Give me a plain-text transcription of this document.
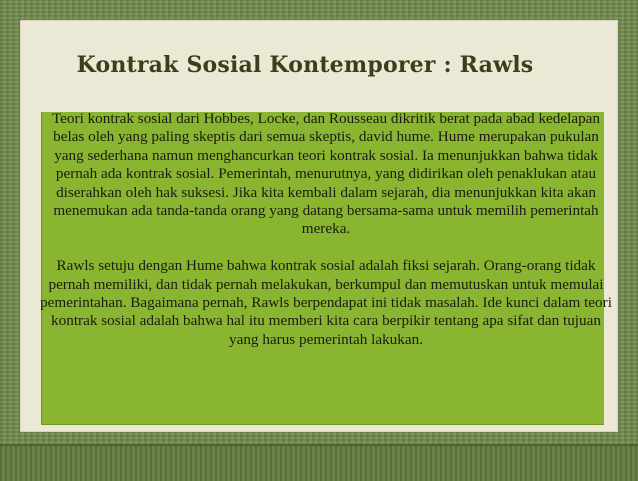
Kontrak Sosial Kontemporer : Rawls

Teori kontrak sosial dari Hobbes, Locke, dan Rousseau dikritik berat pada abad kedelapan belas oleh yang paling skeptis dari semua skeptis, david hume. Hume merupakan pukulan yang sederhana namun menghancurkan teori kontrak sosial. Ia menunjukkan bahwa tidak pernah ada kontrak sosial. Pemerintah, menurutnya, yang didirikan oleh penaklukan atau diserahkan oleh hak suksesi. Jika kita kembali dalam sejarah, dia menunjukkan kita akan menemukan ada tanda-tanda orang yang datang bersama-sama untuk memilih pemerintah mereka.

Rawls setuju dengan Hume bahwa kontrak sosial adalah fiksi sejarah. Orang-orang tidak pernah memiliki, dan tidak pernah melakukan, berkumpul dan memutuskan untuk memulai pemerintahan. Bagaimana pernah, Rawls berpendapat ini tidak masalah. Ide kunci dalam teori kontrak sosial adalah bahwa hal itu memberi kita cara berpikir tentang apa sifat dan tujuan yang harus pemerintah lakukan.
